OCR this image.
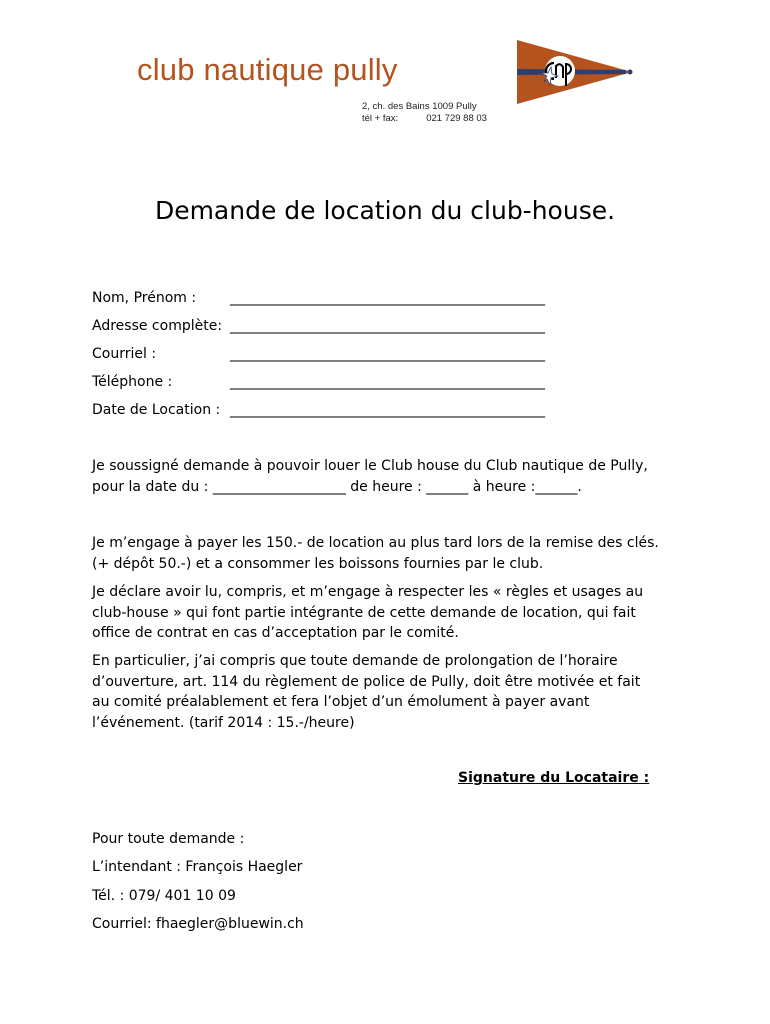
club nautique pully
2, ch. des Bains 1009 Pully
tél + fax:	021 729 88 03
Demande de location du club-house.
Nom, Prénom : _____________________________________________
Adresse complète: _____________________________________________
Courriel :	_____________________________________________
Téléphone :	_____________________________________________
Date de Location : _____________________________________________
Je soussigné demande à pouvoir louer le Club house du Club nautique de Pully,
pour la date du : ___________________ de heure : ______ à heure :______.
Je m’engage à payer les 150.- de location au plus tard lors de la remise des clés.
(+ dépôt 50.-) et a consommer les boissons fournies par le club.
Je déclare avoir lu, compris, et m’engage à respecter les « règles et usages au
club-house » qui font partie intégrante de cette demande de location, qui fait
office de contrat en cas d’acceptation par le comité.
En particulier, j’ai compris que toute demande de prolongation de l’horaire
d’ouverture, art. 114 du règlement de police de Pully, doit être motivée et fait
au comité préalablement et fera l’objet d’un émolument à payer avant
l’événement. (tarif 2014 : 15.-/heure)
Signature du Locataire :
Pour toute demande :
L’intendant : François Haegler
Tél. : 079/ 401 10 09
Courriel: fhaegler@bluewin.ch
